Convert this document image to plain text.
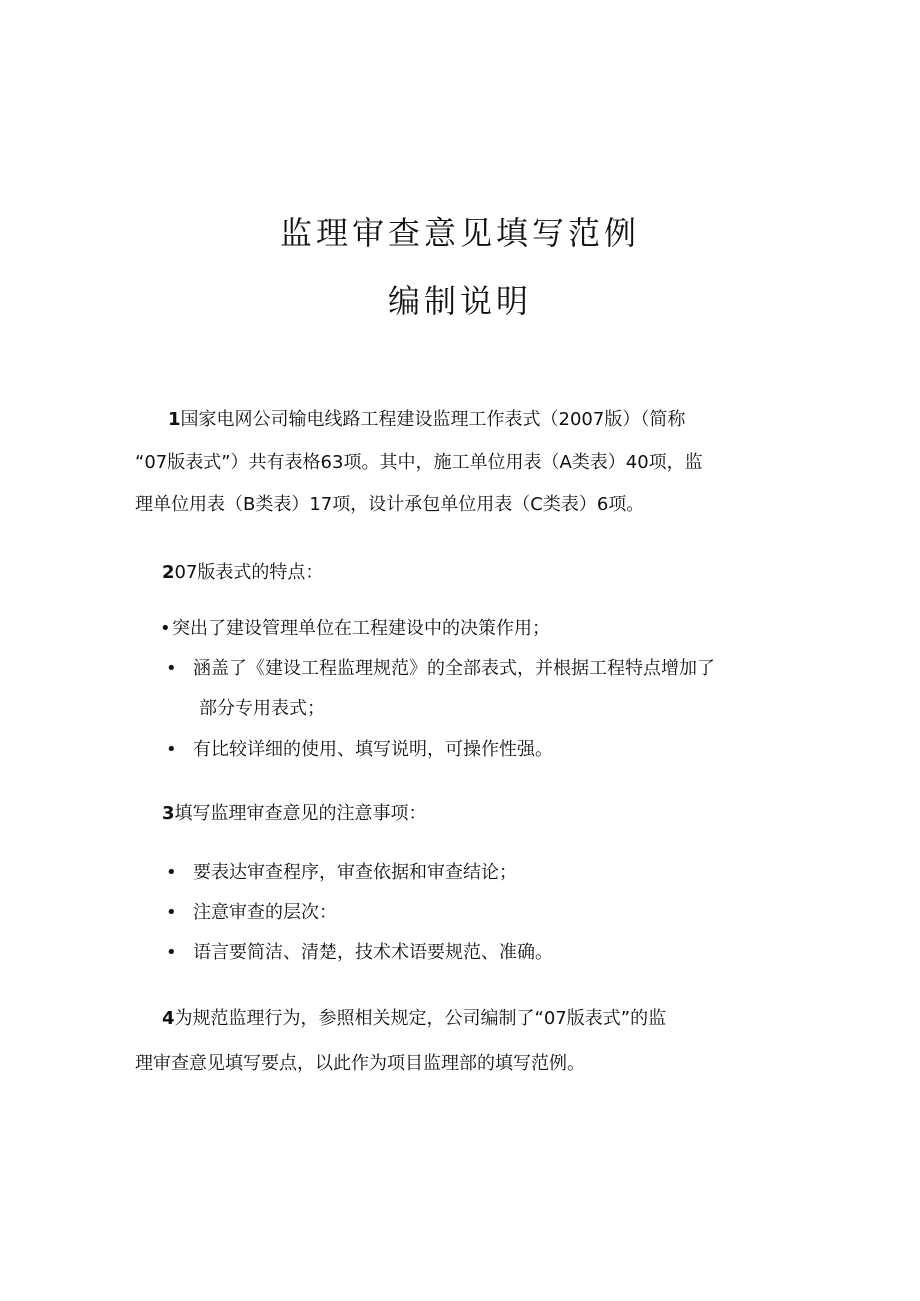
监理审查意见填写范例
编制说明

1国家电网公司输电线路工程建设监理工作表式（2007版）（简称

“07版表式”）共有表格63项。其中，施工单位用表（A类表）40项，监

理单位用表（B类表）17项，设计承包单位用表（C类表）6项。

207版表式的特点：

• 突出了建设管理单位在工程建设中的决策作用；

• 涵盖了《建设工程监理规范》的全部表式，并根据工程特点增加了

部分专用表式；

• 有比较详细的使用、填写说明，可操作性强。

3填写监理审查意见的注意事项：

• 要表达审查程序，审查依据和审查结论；

• 注意审查的层次：

• 语言要简洁、清楚，技术术语要规范、准确。

4为规范监理行为，参照相关规定，公司编制了“07版表式”的监

理审查意见填写要点，以此作为项目监理部的填写范例。
